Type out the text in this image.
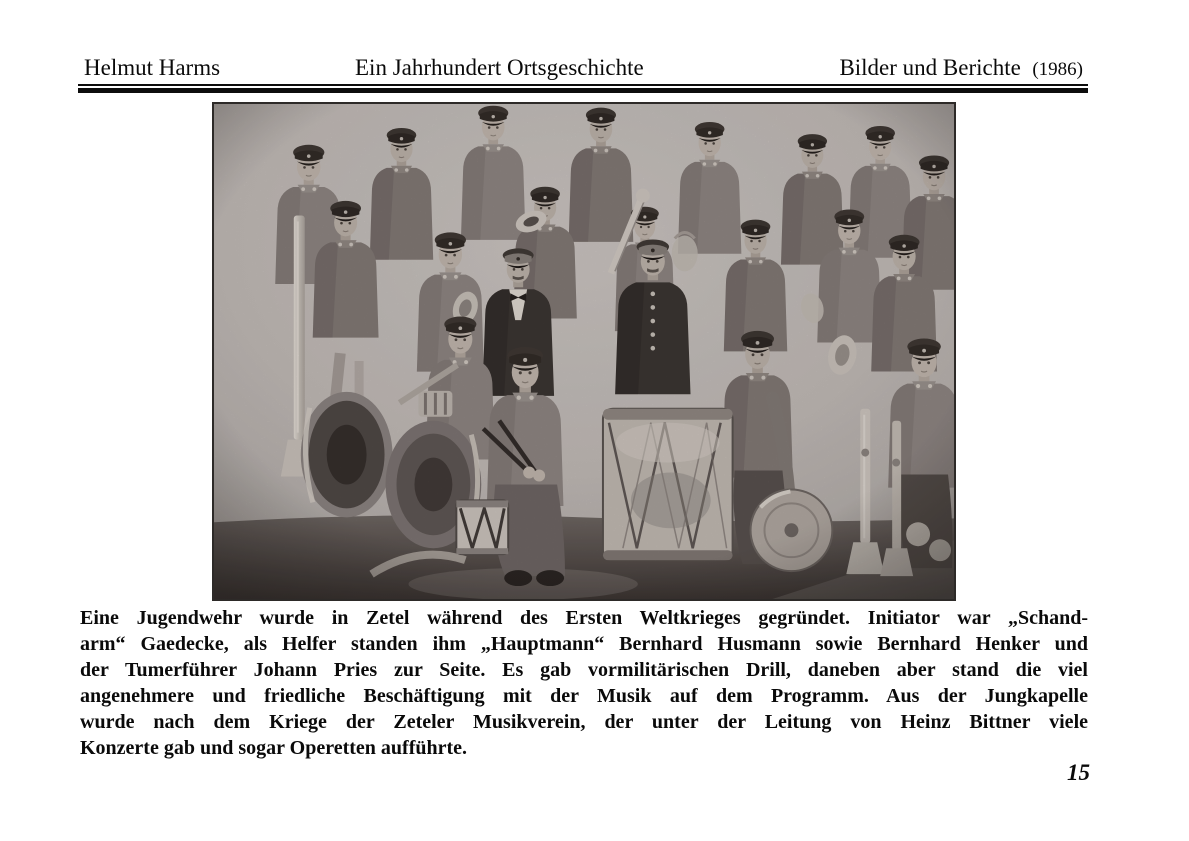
Helmut Harms	Ein Jahrhundert Ortsgeschichte	Bilder und Berichte (1986)
Eine Jugendwehr wurde in Zetel während des Ersten Weltkrieges gegründet. Initiator war „Schand-
arm“ Gaedecke, als Helfer standen ihm „Hauptmann“ Bernhard Husmann sowie Bernhard Henker und
der Tumerführer Johann Pries zur Seite. Es gab vormilitärischen Drill, daneben aber stand die viel
angenehmere und friedliche Beschäftigung mit der Musik auf dem Programm. Aus der Jungkapelle
wurde nach dem Kriege der Zeteler Musikverein, der unter der Leitung von Heinz Bittner viele
Konzerte gab und sogar Operetten aufführte.
15
